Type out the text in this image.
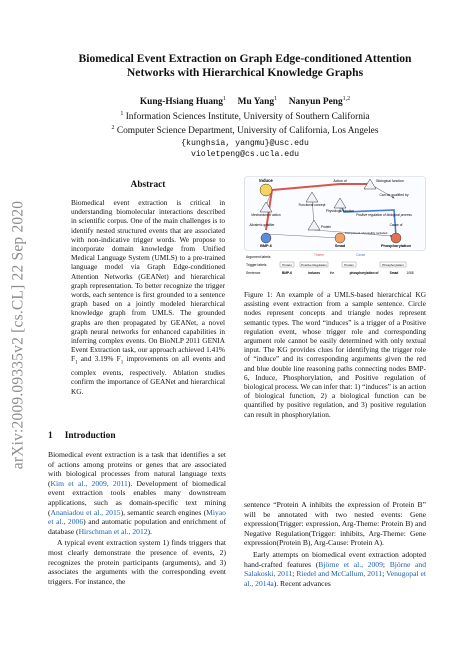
arXiv:2009.09335v2 [cs.CL] 22 Sep 2020
Biomedical Event Extraction on Graph Edge-conditioned Attention
Networks with Hierarchical Knowledge Graphs
Kung-Hsiang Huang$^1$ Mu Yang$^1$ Nanyun Peng$^{1,2}$
$^1$ Information Sciences Institute, University of Southern California
$^2$ Computer Science Department, University of California, Los Angeles
{kunghsia, yangmu}@usc.edu
violetpeng@cs.ucla.edu
Abstract
Biomedical event extraction is critical in understanding biomolecular interactions described in scientific corpus. One of the main challenges is to identify nested structured events that are associated with non-indicative trigger words. We propose to incorporate domain knowledge from Unified Medical Language System (UMLS) to a pre-trained language model via Graph Edge-conditioned Attention Networks (GEANet) and hierarchical graph representation. To better recognize the trigger words, each sentence is first grounded to a sentence graph based on a jointly modeled hierarchical knowledge graph from UMLS. The grounded graphs are then propagated by GEANet, a novel graph neural networks for enhanced capabilities in inferring complex events. On BioNLP 2011 GENIA Event Extraction task, our approach achieved 1.41% $F_1$ and 3.19% $F_1$ improvements on all events and complex events, respectively. Ablation studies confirm the importance of GEANet and hierarchical KG.
1 Introduction

Biomedical event extraction is a task that identifies a set of actions among proteins or genes that are associated with biological processes from natural language texts (Kim et al., 2009, 2011). Development of biomedical event extraction tools enables many downstream applications, such as domain-specific text mining (Ananiadou et al., 2015), semantic search engines (Miyao et al., 2006) and automatic population and enrichment of database (Hirschman et al., 2012).

A typical event extraction system 1) finds triggers that most clearly demonstrate the presence of events, 2) recognizes the protein participants (arguments), and 3) associates the arguments with the corresponding event triggers. For instance, the

Induce	Biological function
Action of
Can be qualified by
Mechanism of action
Functional concept
Physiologic function
Allosteric qualifier	Protein
Positive regulation of biological process
Cause of
Component of possibly included
BMP-6	Smad	Phosphorylation
Argument labels
Trigger labels
Sentence
Theme	Cause
Protein	Positive Regulation	Protein	Phosphorylation
BMP-6	induces	the	phosphorylation of	Smad	1/5/8
Figure 1: An example of a UMLS-based hierarchical KG assisting event extraction from a sample sentence. Circle nodes represent concepts and triangle nodes represent semantic types. The word “induces” is a trigger of a Positive regulation event, whose trigger role and corresponding argument role cannot be easily determined with only textual input. The KG provides clues for identifying the trigger role of “induce” and its corresponding arguments given the red and blue double line reasoning paths connecting nodes BMP-6, Induce, Phosphorylation, and Positive regulation of biological process. We can infer that: 1) “induces” is an action of biological function, 2) a biological function can be quantified by positive regulation, and 3) positive regulation can result in phosphorylation.

sentence “Protein A inhibits the expression of Protein B” will be annotated with two nested events: Gene expression(Trigger: expression, Arg-Theme: Protein B) and Negative Regulation(Trigger: inhibits, Arg-Theme: Gene expression(Protein B), Arg-Cause: Protein A).

Early attempts on biomedical event extraction adopted hand-crafted features (Björne et al., 2009; Björne and Salakoski, 2011; Riedel and McCallum, 2011; Venugopal et al., 2014a). Recent advances
